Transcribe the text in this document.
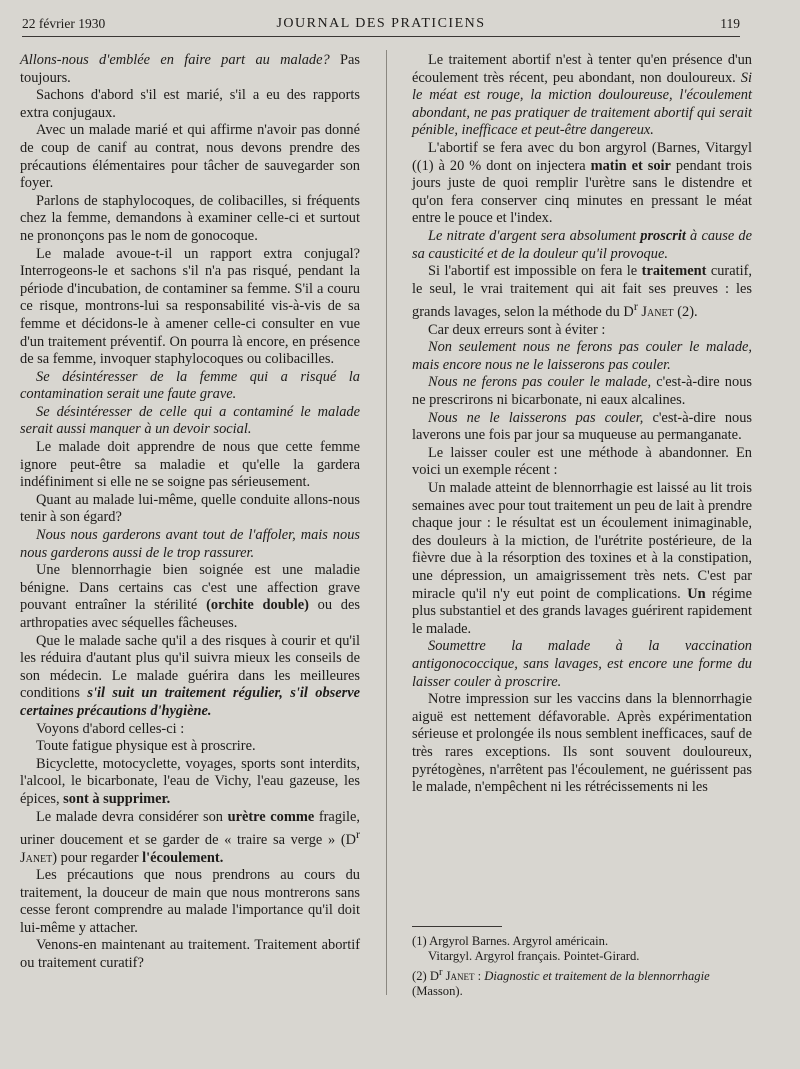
22 février 1930	JOURNAL DES PRATICIENS	119

Allons-nous d'emblée en faire part au malade? Pas toujours.

Sachons d'abord s'il est marié, s'il a eu des rapports extra conjugaux.

Avec un malade marié et qui affirme n'avoir pas donné de coup de canif au contrat, nous devons prendre des précautions élémentaires pour tâcher de sauvegarder son foyer.

Parlons de staphylocoques, de colibacilles, si fréquents chez la femme, demandons à examiner celle-ci et surtout ne prononçons pas le nom de gonocoque.

Le malade avoue-t-il un rapport extra conjugal? Interrogeons-le et sachons s'il n'a pas risqué, pendant la période d'incubation, de contaminer sa femme. S'il a couru ce risque, montrons-lui sa responsabilité vis-à-vis de sa femme et décidons-le à amener celle-ci consulter en vue d'un traitement préventif. On pourra là encore, en présence de sa femme, invoquer staphylocoques ou colibacilles.

Se désintéresser de la femme qui a risqué la contamination serait une faute grave.

Se désintéresser de celle qui a contaminé le malade serait aussi manquer à un devoir social.

Le malade doit apprendre de nous que cette femme ignore peut-être sa maladie et qu'elle la gardera indéfiniment si elle ne se soigne pas sérieusement.

Quant au malade lui-même, quelle conduite allons-nous tenir à son égard?

Nous nous garderons avant tout de l'affoler, mais nous nous garderons aussi de le trop rassurer.

Une blennorrhagie bien soignée est une maladie bénigne. Dans certains cas c'est une affection grave pouvant entraîner la stérilité (orchite double) ou des arthropaties avec séquelles fâcheuses.

Que le malade sache qu'il a des risques à courir et qu'il les réduira d'autant plus qu'il suivra mieux les conseils de son médecin. Le malade guérira dans les meilleures conditions s'il suit un traitement régulier, s'il observe certaines précautions d'hygiène.

Voyons d'abord celles-ci :

Toute fatigue physique est à proscrire.

Bicyclette, motocyclette, voyages, sports sont interdits, l'alcool, le bicarbonate, l'eau de Vichy, l'eau gazeuse, les épices, sont à supprimer.

Le malade devra considérer son urètre comme fragile, uriner doucement et se garder de « traire sa verge » ($D^r$ Janet) pour regarder l'écoulement.

Les précautions que nous prendrons au cours du traitement, la douceur de main que nous montrerons sans cesse feront comprendre au malade l'importance qu'il doit lui-même y attacher.

Venons-en maintenant au traitement. Traitement abortif ou traitement curatif?

Le traitement abortif n'est à tenter qu'en présence d'un écoulement très récent, peu abondant, non douloureux. Si le méat est rouge, la miction douloureuse, l'écoulement abondant, ne pas pratiquer de traitement abortif qui serait pénible, inefficace et peut-être dangereux.

L'abortif se fera avec du bon argyrol (Barnes, Vitargyl ((1) à 20 % dont on injectera matin et soir pendant trois jours juste de quoi remplir l'urètre sans le distendre et qu'on fera conserver cinq minutes en pressant le méat entre le pouce et l'index.

Le nitrate d'argent sera absolument proscrit à cause de sa causticité et de la douleur qu'il provoque.

Si l'abortif est impossible on fera le traitement curatif, le seul, le vrai traitement qui ait fait ses preuves : les grands lavages, selon la méthode du $D^r$ Janet (2).

Car deux erreurs sont à éviter :

Non seulement nous ne ferons pas couler le malade, mais encore nous ne le laisserons pas couler.

Nous ne ferons pas couler le malade, c'est-à-dire nous ne prescrirons ni bicarbonate, ni eaux alcalines.

Nous ne le laisserons pas couler, c'est-à-dire nous laverons une fois par jour sa muqueuse au permanganate.

Le laisser couler est une méthode à abandonner. En voici un exemple récent :

Un malade atteint de blennorrhagie est laissé au lit trois semaines avec pour tout traitement un peu de lait à prendre chaque jour : le résultat est un écoulement inimaginable, des douleurs à la miction, de l'urétrite postérieure, de la fièvre due à la résorption des toxines et à la constipation, une dépression, un amaigrissement très nets. C'est par miracle qu'il n'y eut point de complications. Un régime plus substantiel et des grands lavages guérirent rapidement le malade.

Soumettre la malade à la vaccination antigonococcique, sans lavages, est encore une forme du laisser couler à proscrire.

Notre impression sur les vaccins dans la blennorrhagie aiguë est nettement défavorable. Après expérimentation sérieuse et prolongée ils nous semblent inefficaces, sauf de très rares exceptions. Ils sont souvent douloureux, pyrétogènes, n'arrêtent pas l'écoulement, ne guérissent pas le malade, n'empêchent ni les rétrécissements ni les

(1) Argyrol Barnes. Argyrol américain.
Vitargyl. Argyrol français. Pointet-Girard.

(2) $D^r$ Janet : Diagnostic et traitement de la blennorrhagie (Masson).
